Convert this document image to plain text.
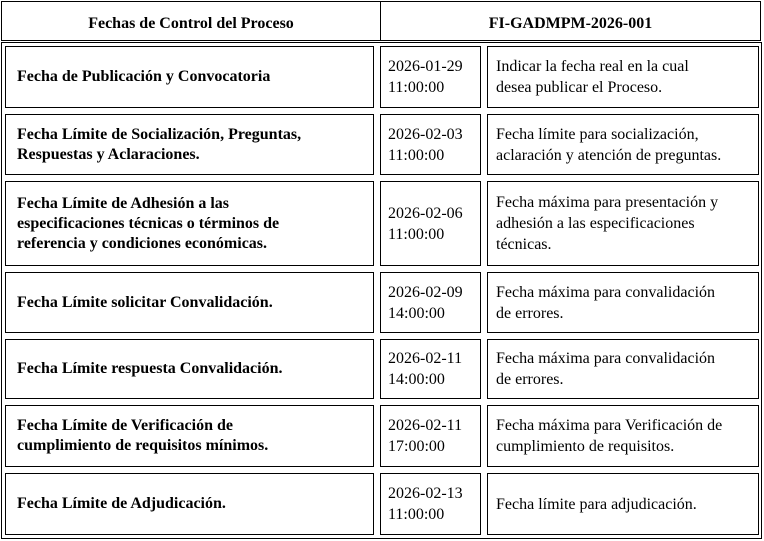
Fechas de Control del Proceso	FI-GADMPM-2026-001
Fecha de Publicación y Convocatoria
2026-01-29
11:00:00
Indicar la fecha real en la cual
desea publicar el Proceso.
Fecha Límite de Socialización, Preguntas,
Respuestas y Aclaraciones.
2026-02-03
11:00:00
Fecha límite para socialización,
aclaración y atención de preguntas.
Fecha Límite de Adhesión a las
especificaciones técnicas o términos de
referencia y condiciones económicas.
2026-02-06
11:00:00
Fecha máxima para presentación y
adhesión a las especificaciones
técnicas.
Fecha Límite solicitar Convalidación.
2026-02-09
14:00:00
Fecha máxima para convalidación
de errores.
Fecha Límite respuesta Convalidación.
2026-02-11
14:00:00
Fecha máxima para convalidación
de errores.
Fecha Límite de Verificación de
cumplimiento de requisitos mínimos.
2026-02-11
17:00:00
Fecha máxima para Verificación de
cumplimiento de requisitos.
Fecha Límite de Adjudicación.
2026-02-13
11:00:00
Fecha límite para adjudicación.
